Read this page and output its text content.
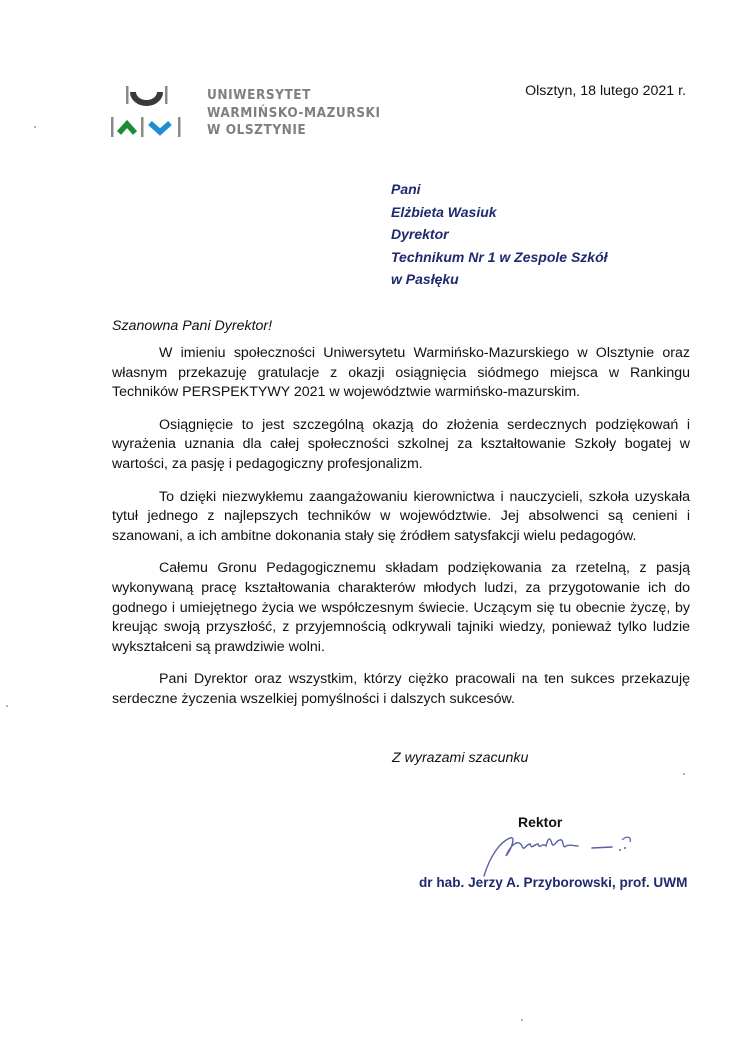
UNIWERSYTET
WARMIŃSKO-MAZURSKI
W OLSZTYNIE
Olsztyn, 18 lutego 2021 r.
Pani
Elżbieta Wasiuk
Dyrektor
Technikum Nr 1 w Zespole Szkół
w Pasłęku
Szanowna Pani Dyrektor!

W imieniu społeczności Uniwersytetu Warmińsko-Mazurskiego w Olsztynie oraz własnym przekazuję gratulacje z okazji osiągnięcia siódmego miejsca w Rankingu Techników PERSPEKTYWY 2021 w województwie warmińsko-mazurskim.

Osiągnięcie to jest szczególną okazją do złożenia serdecznych podziękowań i wyrażenia uznania dla całej społeczności szkolnej za kształtowanie Szkoły bogatej w wartości, za pasję i pedagogiczny profesjonalizm.

To dzięki niezwykłemu zaangażowaniu kierownictwa i nauczycieli, szkoła uzyskała tytuł jednego z najlepszych techników w województwie. Jej absolwenci są cenieni i szanowani, a ich ambitne dokonania stały się źródłem satysfakcji wielu pedagogów.

Całemu Gronu Pedagogicznemu składam podziękowania za rzetelną, z pasją wykonywaną pracę kształtowania charakterów młodych ludzi, za przygotowanie ich do godnego i umiejętnego życia we współczesnym świecie. Uczącym się tu obecnie życzę, by kreując swoją przyszłość, z przyjemnością odkrywali tajniki wiedzy, ponieważ tylko ludzie wykształceni są prawdziwie wolni.

Pani Dyrektor oraz wszystkim, którzy ciężko pracowali na ten sukces przekazuję serdeczne życzenia wszelkiej pomyślności i dalszych sukcesów.

Z wyrazami szacunku
Rektor
dr hab. Jerzy A. Przyborowski, prof. UWM
